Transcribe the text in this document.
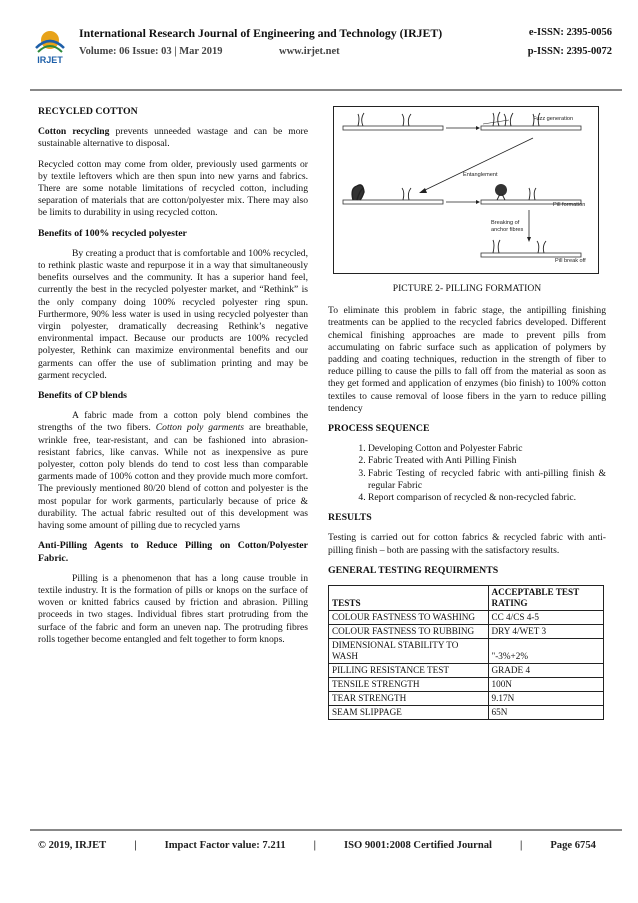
IRJET
International Research Journal of Engineering and Technology (IRJET)	e-ISSN: 2395-0056
Volume: 06 Issue: 03 | Mar 2019	www.irjet.net	p-ISSN: 2395-0072
RECYCLED COTTON

Cotton recycling prevents unneeded wastage and can be more sustainable alternative to disposal.

Recycled cotton may come from older, previously used garments or by textile leftovers which are then spun into new yarns and fabrics. There are some notable limitations of recycled cotton, including separation of materials that are cotton/polyester mix. There may also be limits to durability in using recycled cotton.

Benefits of 100% recycled polyester

By creating a product that is comfortable and 100% recycled, to rethink plastic waste and repurpose it in a way that simultaneously benefits ourselves and the community. It has a superior hand feel, currently the best in the recycled polyester market, and “Rethink” is the only company doing 100% recycled polyester ring spun. Furthermore, 90% less water is used in using recycled polyester than virgin polyester, dramatically decreasing Rethink’s negative environmental impact. Because our products are 100% recycled polyester, Rethink can maximize environmental benefits and our garments can offer the use of sublimation printing and may be garment recycled.

Benefits of CP blends

A fabric made from a cotton poly blend combines the strengths of the two fibers. Cotton poly garments are breathable, wrinkle free, tear-resistant, and can be fashioned into abrasion-resistant fabrics, like canvas. While not as inexpensive as pure polyester, cotton poly blends do tend to cost less than comparable garments made of 100% cotton and they provide much more comfort. The previously mentioned 80/20 blend of cotton and polyester is the most popular for work garments, particularly because of price & durability. The actual fabric resulted out of this development was having some amount of pilling due to recycled yarns

Anti-Pilling Agents to Reduce Pilling on Cotton/Polyester Fabric.

Pilling is a phenomenon that has a long cause trouble in textile industry. It is the formation of pills or knops on the surface of woven or knitted fabrics caused by friction and abrasion. Pilling proceeds in two stages. Individual fibres start protruding from the surface of the fabric and form an uneven nap. The protruding fibres rolls together become entangled and felt together to form knops.

Fuzz generation
Entanglement
Pill formation
Breaking of
anchor fibres
Pill break off

PICTURE 2- PILLING FORMATION

To eliminate this problem in fabric stage, the antipilling finishing treatments can be applied to the recycled fabrics developed. Different chemical finishing approaches are made to prevent pills from accumulating on fabric surface such as application of polymers by padding and coating techniques, reduction in the strength of fiber to reduce pilling to cause the pills to fall off from the material as soon as they get formed and application of enzymes (bio finish) to 100% cotton textiles to cause removal of loose fibers in the yarn to reduce pilling tendency

PROCESS SEQUENCE
1. Developing Cotton and Polyester Fabric
2. Fabric Treated with Anti Pilling Finish
3. Fabric Testing of recycled fabric with anti-pilling finish & regular Fabric
4. Report comparison of recycled & non-recycled fabric.
RESULTS

Testing is carried out for cotton fabrics & recycled fabric with anti-pilling finish – both are passing with the satisfactory results.

GENERAL TESTING REQUIRMENTS
TESTS	ACCEPTABLE TEST RATING
COLOUR FASTNESS TO WASHING	CC 4/CS 4-5
COLOUR FASTNESS TO RUBBING	DRY 4/WET 3
DIMENSIONAL STABILITY TO WASH	"-3%+2%
PILLING RESISTANCE TEST	GRADE 4
TENSILE STRENGTH	100N
TEAR STRENGTH	9.17N
SEAM SLIPPAGE	65N
© 2019, IRJET	|	Impact Factor value: 7.211	|	ISO 9001:2008 Certified Journal	|	Page 6754
